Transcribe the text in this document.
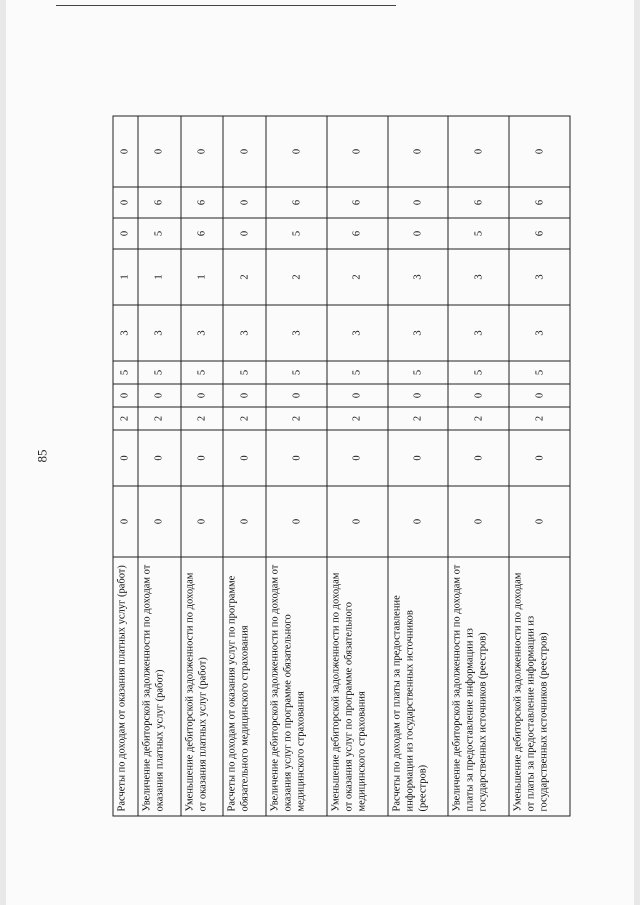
85
Расчеты по доходам от оказания платных услуг (работ)	0	0	2	0	5	3	1	0	0	0
Увеличение дебиторской задолженности по доходам от оказания платных услуг (работ)	0	0	2	0	5	3	1	5	6	0
Уменьшение дебиторской задолженности по доходам от оказания платных услуг (работ)	0	0	2	0	5	3	1	6	6	0
Расчеты по доходам от оказания услуг по программе обязательного медицинского страхования	0	0	2	0	5	3	2	0	0	0
Увеличение дебиторской задолженности по доходам от оказания услуг по программе обязательного медицинского страхования	0	0	2	0	5	3	2	5	6	0
Уменьшение дебиторской задолженности по доходам от оказания услуг по программе обязательного медицинского страхования	0	0	2	0	5	3	2	6	6	0
Расчеты по доходам от платы за предоставление информации из государственных источников (реестров)	0	0	2	0	5	3	3	0	0	0
Увеличение дебиторской задолженности по доходам от платы за предоставление информации из государственных источников (реестров)	0	0	2	0	5	3	3	5	6	0
Уменьшение дебиторской задолженности по доходам от платы за предоставление информации из государственных источников (реестров)	0	0	2	0	5	3	3	6	6	0
